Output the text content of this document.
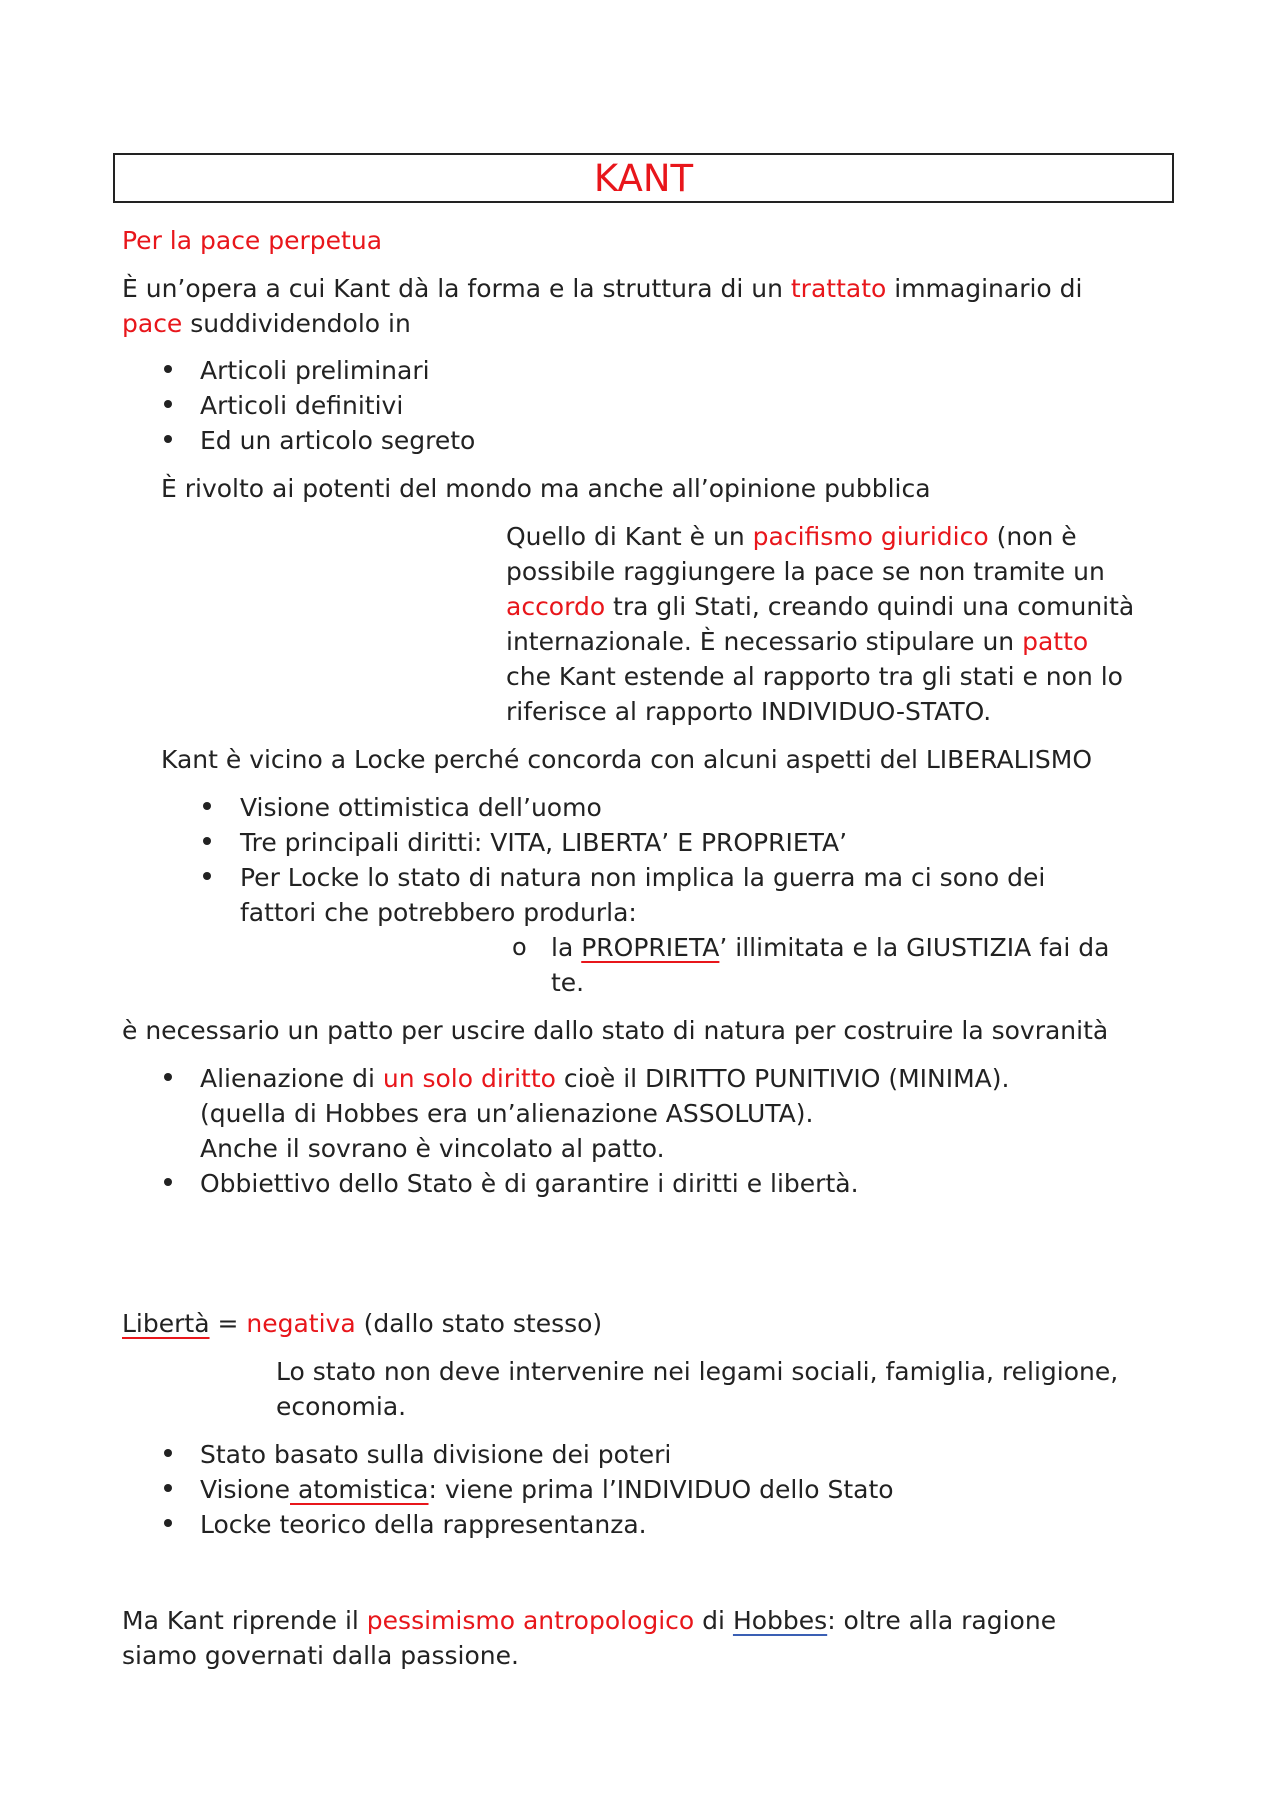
KANT
Per la pace perpetua
È un’opera a cui Kant dà la forma e la struttura di un trattato immaginario di
pace suddividendolo in
Articoli preliminari
Articoli definitivi
Ed un articolo segreto
È rivolto ai potenti del mondo ma anche all’opinione pubblica
Quello di Kant è un pacifismo giuridico (non è
possibile raggiungere la pace se non tramite un
accordo tra gli Stati, creando quindi una comunità
internazionale. È necessario stipulare un patto
che Kant estende al rapporto tra gli stati e non lo
riferisce al rapporto INDIVIDUO-STATO.
Kant è vicino a Locke perché concorda con alcuni aspetti del LIBERALISMO
Visione ottimistica dell’uomo
Tre principali diritti: VITA, LIBERTA’ E PROPRIETA’
Per Locke lo stato di natura non implica la guerra ma ci sono dei
fattori che potrebbero produrla:
o la PROPRIETA’ illimitata e la GIUSTIZIA fai da
te.
è necessario un patto per uscire dallo stato di natura per costruire la sovranità
Alienazione di un solo diritto cioè il DIRITTO PUNITIVIO (MINIMA).
(quella di Hobbes era un’alienazione ASSOLUTA).
Anche il sovrano è vincolato al patto.
Obbiettivo dello Stato è di garantire i diritti e libertà.
Libertà = negativa (dallo stato stesso)
Lo stato non deve intervenire nei legami sociali, famiglia, religione,
economia.
Stato basato sulla divisione dei poteri
Visione atomistica: viene prima l’INDIVIDUO dello Stato
Locke teorico della rappresentanza.
Ma Kant riprende il pessimismo antropologico di Hobbes: oltre alla ragione
siamo governati dalla passione.
